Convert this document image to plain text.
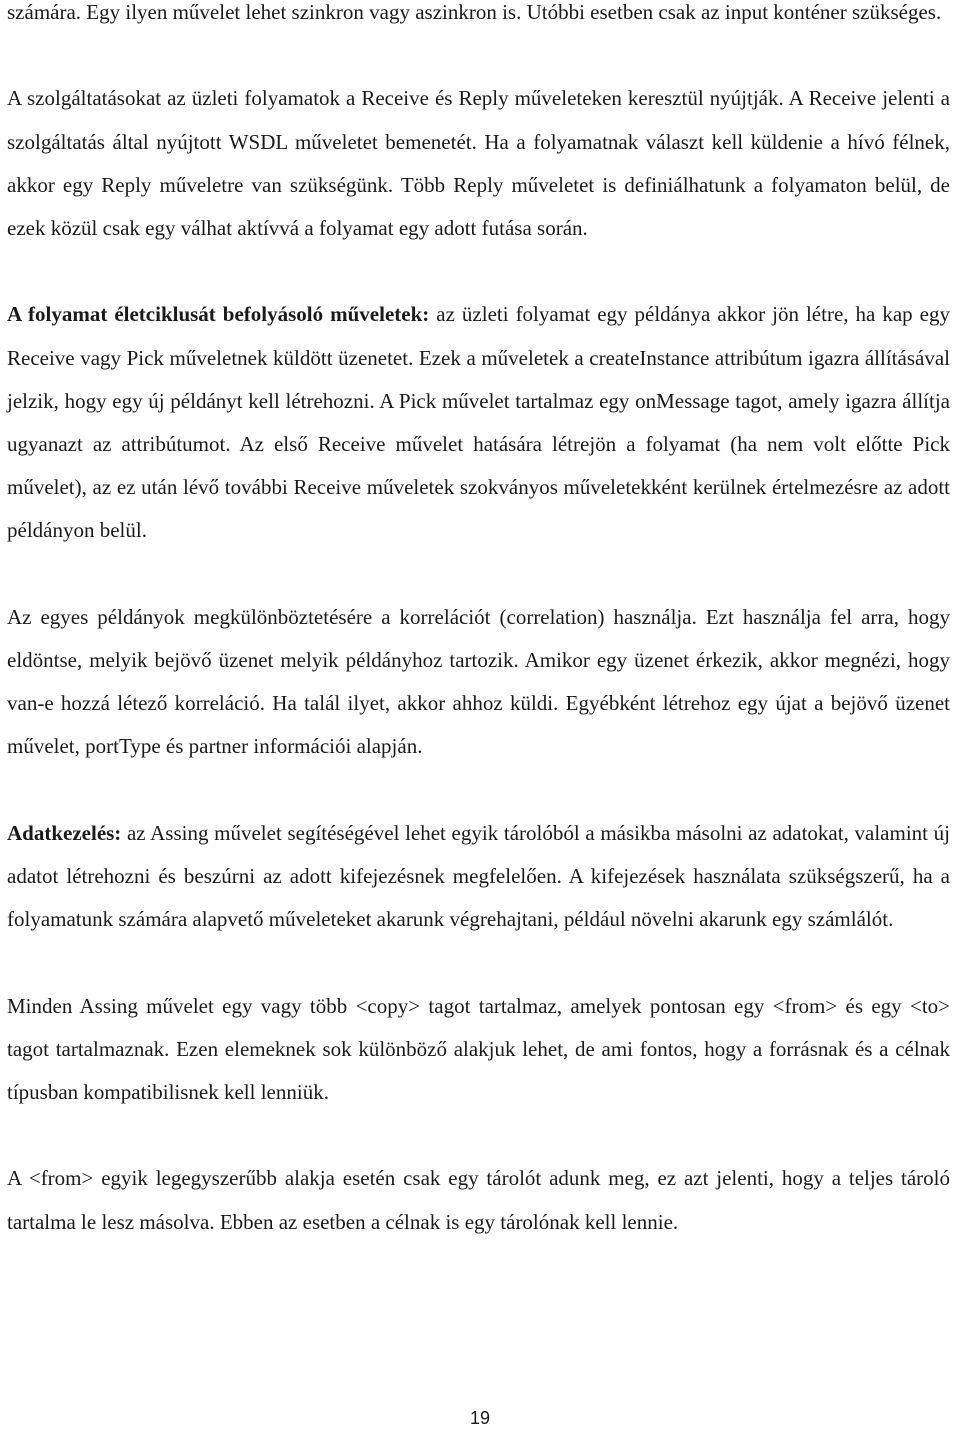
számára. Egy ilyen művelet lehet szinkron vagy aszinkron is. Utóbbi esetben csak az input konténer szükséges.

A szolgáltatásokat az üzleti folyamatok a Receive és Reply műveleteken keresztül nyújtják. A Receive jelenti a szolgáltatás által nyújtott WSDL műveletet bemenetét. Ha a folyamatnak választ kell küldenie a hívó félnek, akkor egy Reply műveletre van szükségünk. Több Reply műveletet is definiálhatunk a folyamaton belül, de ezek közül csak egy válhat aktívvá a folyamat egy adott futása során.

A folyamat életciklusát befolyásoló műveletek: az üzleti folyamat egy példánya akkor jön létre, ha kap egy Receive vagy Pick műveletnek küldött üzenetet. Ezek a műveletek a createInstance attribútum igazra állításával jelzik, hogy egy új példányt kell létrehozni. A Pick művelet tartalmaz egy onMessage tagot, amely igazra állítja ugyanazt az attribútumot. Az első Receive művelet hatására létrejön a folyamat (ha nem volt előtte Pick művelet), az ez után lévő további Receive műveletek szokványos műveletekként kerülnek értelmezésre az adott példányon belül.

Az egyes példányok megkülönböztetésére a korrelációt (correlation) használja. Ezt használja fel arra, hogy eldöntse, melyik bejövő üzenet melyik példányhoz tartozik. Amikor egy üzenet érkezik, akkor megnézi, hogy van-e hozzá létező korreláció. Ha talál ilyet, akkor ahhoz küldi. Egyébként létrehoz egy újat a bejövő üzenet művelet, portType és partner információi alapján.

Adatkezelés: az Assing művelet segítéségével lehet egyik tárolóból a másikba másolni az adatokat, valamint új adatot létrehozni és beszúrni az adott kifejezésnek megfelelően. A kifejezések használata szükségszerű, ha a folyamatunk számára alapvető műveleteket akarunk végrehajtani, például növelni akarunk egy számlálót.

Minden Assing művelet egy vagy több <copy> tagot tartalmaz, amelyek pontosan egy <from> és egy <to> tagot tartalmaznak. Ezen elemeknek sok különböző alakjuk lehet, de ami fontos, hogy a forrásnak és a célnak típusban kompatibilisnek kell lenniük.

A <from> egyik legegyszerűbb alakja esetén csak egy tárolót adunk meg, ez azt jelenti, hogy a teljes tároló tartalma le lesz másolva. Ebben az esetben a célnak is egy tárolónak kell lennie.

19
